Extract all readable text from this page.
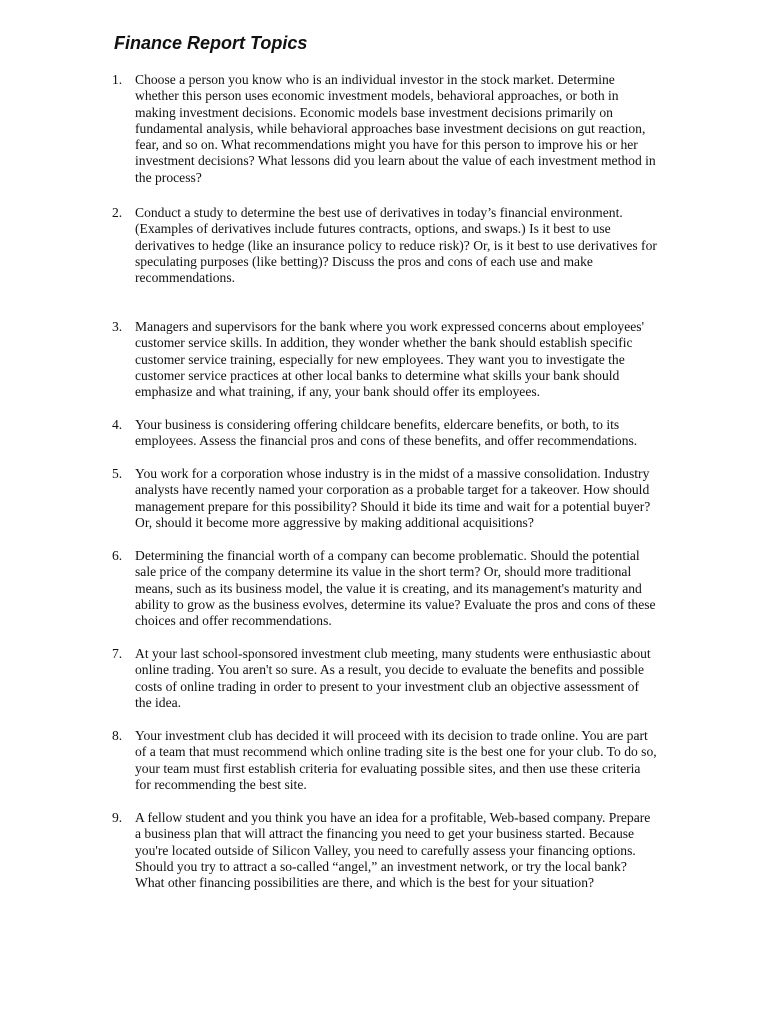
Finance Report Topics
1. Choose a person you know who is an individual investor in the stock market. Determine whether this person uses economic investment models, behavioral approaches, or both in making investment decisions. Economic models base investment decisions primarily on fundamental analysis, while behavioral approaches base investment decisions on gut reaction, fear, and so on. What recommendations might you have for this person to improve his or her investment decisions? What lessons did you learn about the value of each investment method in the process?
2. Conduct a study to determine the best use of derivatives in today’s financial environment. (Examples of derivatives include futures contracts, options, and swaps.) Is it best to use derivatives to hedge (like an insurance policy to reduce risk)? Or, is it best to use derivatives for speculating purposes (like betting)? Discuss the pros and cons of each use and make recommendations.
3. Managers and supervisors for the bank where you work expressed concerns about employees' customer service skills. In addition, they wonder whether the bank should establish specific customer service training, especially for new employees. They want you to investigate the customer service practices at other local banks to determine what skills your bank should emphasize and what training, if any, your bank should offer its employees.
4. Your business is considering offering childcare benefits, eldercare benefits, or both, to its employees. Assess the financial pros and cons of these benefits, and offer recommendations.
5. You work for a corporation whose industry is in the midst of a massive consolidation. Industry analysts have recently named your corporation as a probable target for a takeover. How should management prepare for this possibility? Should it bide its time and wait for a potential buyer? Or, should it become more aggressive by making additional acquisitions?
6. Determining the financial worth of a company can become problematic. Should the potential sale price of the company determine its value in the short term? Or, should more traditional means, such as its business model, the value it is creating, and its management's maturity and ability to grow as the business evolves, determine its value? Evaluate the pros and cons of these choices and offer recommendations.
7. At your last school-sponsored investment club meeting, many students were enthusiastic about online trading. You aren't so sure. As a result, you decide to evaluate the benefits and possible costs of online trading in order to present to your investment club an objective assessment of the idea.
8. Your investment club has decided it will proceed with its decision to trade online. You are part of a team that must recommend which online trading site is the best one for your club. To do so, your team must first establish criteria for evaluating possible sites, and then use these criteria for recommending the best site.
9. A fellow student and you think you have an idea for a profitable, Web-based company. Prepare a business plan that will attract the financing you need to get your business started. Because you're located outside of Silicon Valley, you need to carefully assess your financing options. Should you try to attract a so-called “angel,” an investment network, or try the local bank? What other financing possibilities are there, and which is the best for your situation?
